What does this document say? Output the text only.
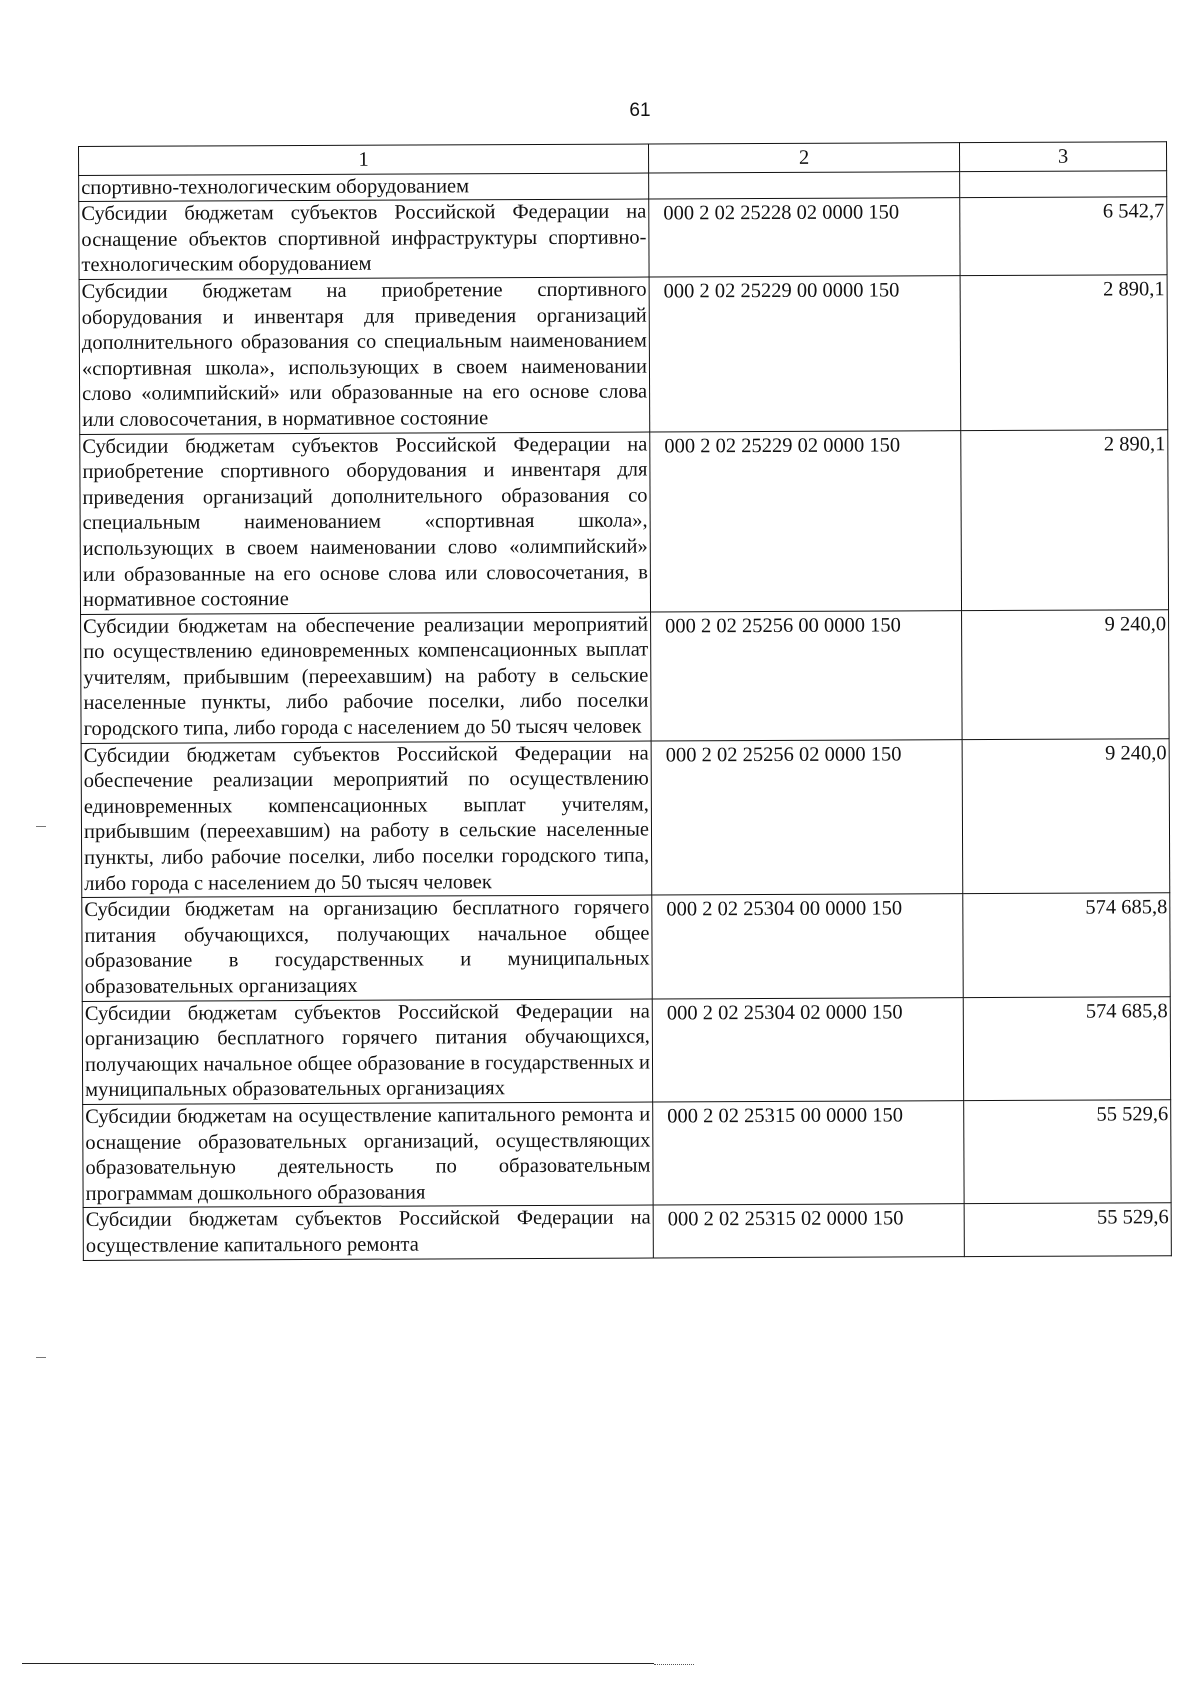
61
1	2	3
спортивно-технологическим оборудованием		
Субсидии бюджетам субъектов Российской Федерации на оснащение объектов спортивной инфраструктуры спортивно-технологическим оборудованием	000 2 02 25228 02 0000 150	6 542,7
Субсидии бюджетам на приобретение спортивного оборудования и инвентаря для приведения организаций дополнительного образования со специальным наименованием «спортивная школа», использующих в своем наименовании слово «олимпийский» или образованные на его основе слова или словосочетания, в нормативное состояние	000 2 02 25229 00 0000 150	2 890,1
Субсидии бюджетам субъектов Российской Федерации на приобретение спортивного оборудования и инвентаря для приведения организаций дополнительного образования со специальным наименованием «спортивная школа», использующих в своем наименовании слово «олимпийский» или образованные на его основе слова или словосочетания, в нормативное состояние	000 2 02 25229 02 0000 150	2 890,1
Субсидии бюджетам на обеспечение реализации мероприятий по осуществлению единовременных компенсационных выплат учителям, прибывшим (переехавшим) на работу в сельские населенные пункты, либо рабочие поселки, либо поселки городского типа, либо города с населением до 50 тысяч человек	000 2 02 25256 00 0000 150	9 240,0
Субсидии бюджетам субъектов Российской Федерации на обеспечение реализации мероприятий по осуществлению единовременных компенсационных выплат учителям, прибывшим (переехавшим) на работу в сельские населенные пункты, либо рабочие поселки, либо поселки городского типа, либо города с населением до 50 тысяч человек	000 2 02 25256 02 0000 150	9 240,0
Субсидии бюджетам на организацию бесплатного горячего питания обучающихся, получающих начальное общее образование в государственных и муниципальных образовательных организациях	000 2 02 25304 00 0000 150	574 685,8
Субсидии бюджетам субъектов Российской Федерации на организацию бесплатного горячего питания обучающихся, получающих начальное общее образование в государственных и муниципальных образовательных организациях	000 2 02 25304 02 0000 150	574 685,8
Субсидии бюджетам на осуществление капитального ремонта и оснащение образовательных организаций, осуществляющих образовательную деятельность по образовательным программам дошкольного образования	000 2 02 25315 00 0000 150	55 529,6
Субсидии бюджетам субъектов Российской Федерации на осуществление капитального ремонта	000 2 02 25315 02 0000 150	55 529,6
